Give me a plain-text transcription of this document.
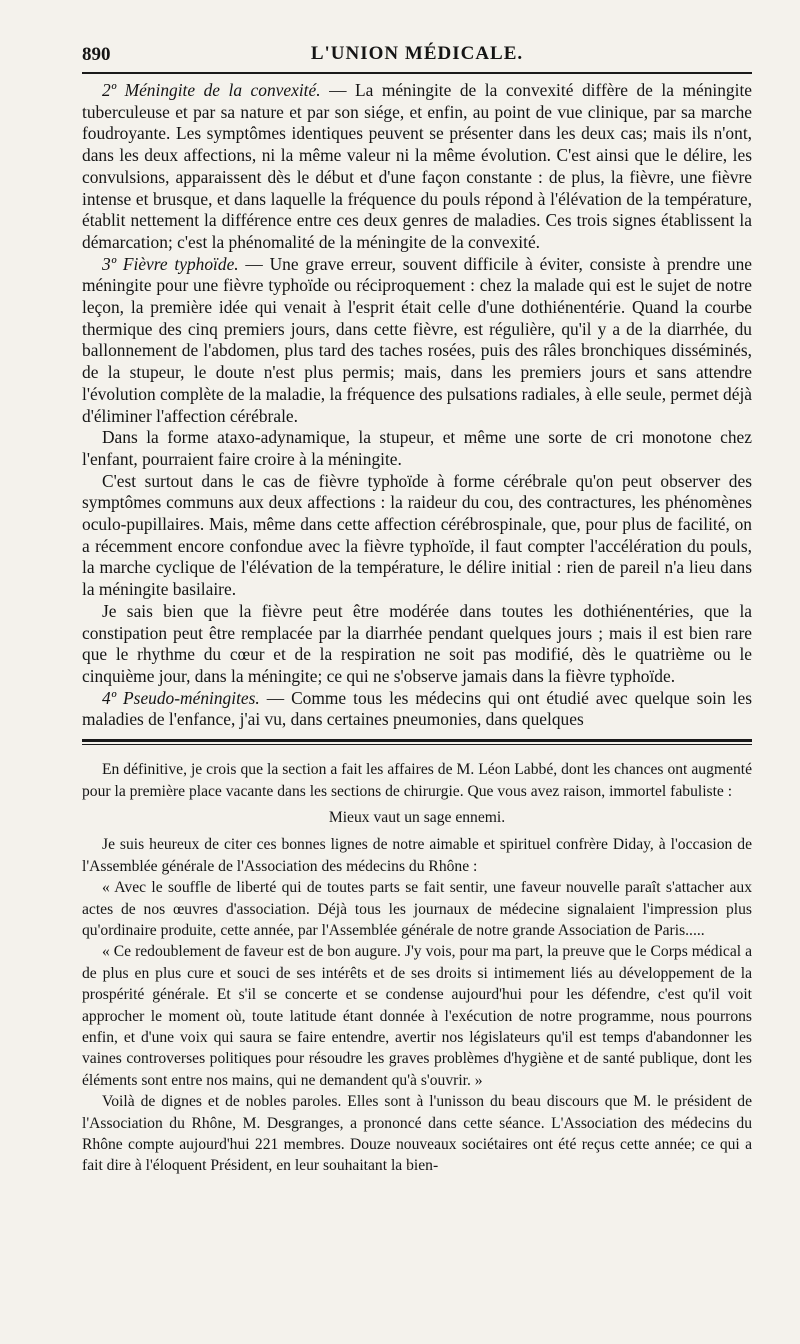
890	L'UNION MÉDICALE.

2º Méningite de la convexité. — La méningite de la convexité diffère de la méningite tuberculeuse et par sa nature et par son siége, et enfin, au point de vue clinique, par sa marche foudroyante. Les symptômes identiques peuvent se présenter dans les deux cas; mais ils n'ont, dans les deux affections, ni la même valeur ni la même évolution. C'est ainsi que le délire, les convulsions, apparaissent dès le début et d'une façon constante : de plus, la fièvre, une fièvre intense et brusque, et dans laquelle la fréquence du pouls répond à l'élévation de la température, établit nettement la différence entre ces deux genres de maladies. Ces trois signes établissent la démarcation; c'est la phénomalité de la méningite de la convexité.

3º Fièvre typhoïde. — Une grave erreur, souvent difficile à éviter, consiste à prendre une méningite pour une fièvre typhoïde ou réciproquement : chez la malade qui est le sujet de notre leçon, la première idée qui venait à l'esprit était celle d'une dothiénentérie. Quand la courbe thermique des cinq premiers jours, dans cette fièvre, est régulière, qu'il y a de la diarrhée, du ballonnement de l'abdomen, plus tard des taches rosées, puis des râles bronchiques disséminés, de la stupeur, le doute n'est plus permis; mais, dans les premiers jours et sans attendre l'évolution complète de la maladie, la fréquence des pulsations radiales, à elle seule, permet déjà d'éliminer l'affection cérébrale.

Dans la forme ataxo-adynamique, la stupeur, et même une sorte de cri monotone chez l'enfant, pourraient faire croire à la méningite.

C'est surtout dans le cas de fièvre typhoïde à forme cérébrale qu'on peut observer des symptômes communs aux deux affections : la raideur du cou, des contractures, les phénomènes oculo-pupillaires. Mais, même dans cette affection cérébrospinale, que, pour plus de facilité, on a récemment encore confondue avec la fièvre typhoïde, il faut compter l'accélération du pouls, la marche cyclique de l'élévation de la température, le délire initial : rien de pareil n'a lieu dans la méningite basilaire.

Je sais bien que la fièvre peut être modérée dans toutes les dothiénentéries, que la constipation peut être remplacée par la diarrhée pendant quelques jours ; mais il est bien rare que le rhythme du cœur et de la respiration ne soit pas modifié, dès le quatrième ou le cinquième jour, dans la méningite; ce qui ne s'observe jamais dans la fièvre typhoïde.

4º Pseudo-méningites. — Comme tous les médecins qui ont étudié avec quelque soin les maladies de l'enfance, j'ai vu, dans certaines pneumonies, dans quelques

En définitive, je crois que la section a fait les affaires de M. Léon Labbé, dont les chances ont augmenté pour la première place vacante dans les sections de chirurgie. Que vous avez raison, immortel fabuliste :

Mieux vaut un sage ennemi.

Je suis heureux de citer ces bonnes lignes de notre aimable et spirituel confrère Diday, à l'occasion de l'Assemblée générale de l'Association des médecins du Rhône :

« Avec le souffle de liberté qui de toutes parts se fait sentir, une faveur nouvelle paraît s'attacher aux actes de nos œuvres d'association. Déjà tous les journaux de médecine signalaient l'impression plus qu'ordinaire produite, cette année, par l'Assemblée générale de notre grande Association de Paris.....

« Ce redoublement de faveur est de bon augure. J'y vois, pour ma part, la preuve que le Corps médical a de plus en plus cure et souci de ses intérêts et de ses droits si intimement liés au développement de la prospérité générale. Et s'il se concerte et se condense aujourd'hui pour les défendre, c'est qu'il voit approcher le moment où, toute latitude étant donnée à l'exécution de notre programme, nous pourrons enfin, et d'une voix qui saura se faire entendre, avertir nos législateurs qu'il est temps d'abandonner les vaines controverses politiques pour résoudre les graves problèmes d'hygiène et de santé publique, dont les éléments sont entre nos mains, qui ne demandent qu'à s'ouvrir. »

Voilà de dignes et de nobles paroles. Elles sont à l'unisson du beau discours que M. le président de l'Association du Rhône, M. Desgranges, a prononcé dans cette séance. L'Association des médecins du Rhône compte aujourd'hui 221 membres. Douze nouveaux sociétaires ont été reçus cette année; ce qui a fait dire à l'éloquent Président, en leur souhaitant la bien-
